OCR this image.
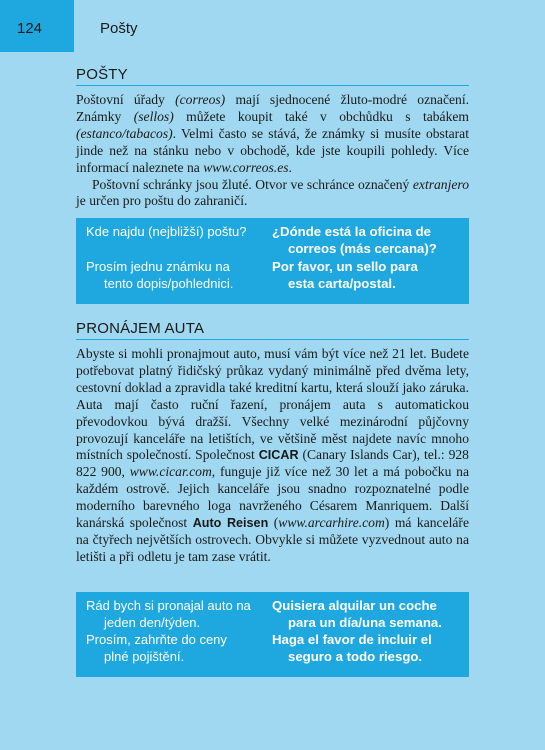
124	Pošty
POŠTY

Poštovní úřady (correos) mají sjednocené žluto-modré označení. Známky (sellos) můžete koupit také v obchůdku s tabákem (estanco/tabacos). Velmi často se stává, že známky si musíte obstarat jinde než na stánku nebo v obchodě, kde jste koupili pohledy. Více informací naleznete na www.correos.es.

Poštovní schránky jsou žluté. Otvor ve schránce označený extranjero je určen pro poštu do zahraničí.

Kde najdu (nejbližší) poštu?	¿Dónde está la oficina de
correos (más cercana)?
Prosím jednu známku na
tento dopis/pohlednici.
Por favor, un sello para
esta carta/postal.
PRONÁJEM AUTA

Abyste si mohli pronajmout auto, musí vám být více než 21 let. Budete potřebovat platný řidičský průkaz vydaný minimálně před dvěma lety, cestovní doklad a zpravidla také kreditní kartu, která slouží jako záruka. Auta mají často ruční řazení, pronájem auta s automatickou převodovkou bývá dražší. Všechny velké mezinárodní půjčovny provozují kanceláře na letištích, ve většině měst najdete navíc mnoho místních společností. Společnost CICAR (Canary Islands Car), tel.: 928 822 900, www.cicar.com, funguje již více než 30 let a má pobočku na každém ostrově. Jejich kanceláře jsou snadno rozpoznatelné podle moderního barevného loga navrženého Césarem Manriquem. Další kanárská společnost Auto Reisen (www.arcarhire.com) má kanceláře na čtyřech největších ostrovech. Obvykle si můžete vyzvednout auto na letišti a při odletu je tam zase vrátit.

Rád bych si pronajal auto na
jeden den/týden.
Quisiera alquilar un coche
para un día/una semana.
Prosím, zahrňte do ceny
plné pojištění.
Haga el favor de incluir el
seguro a todo riesgo.
